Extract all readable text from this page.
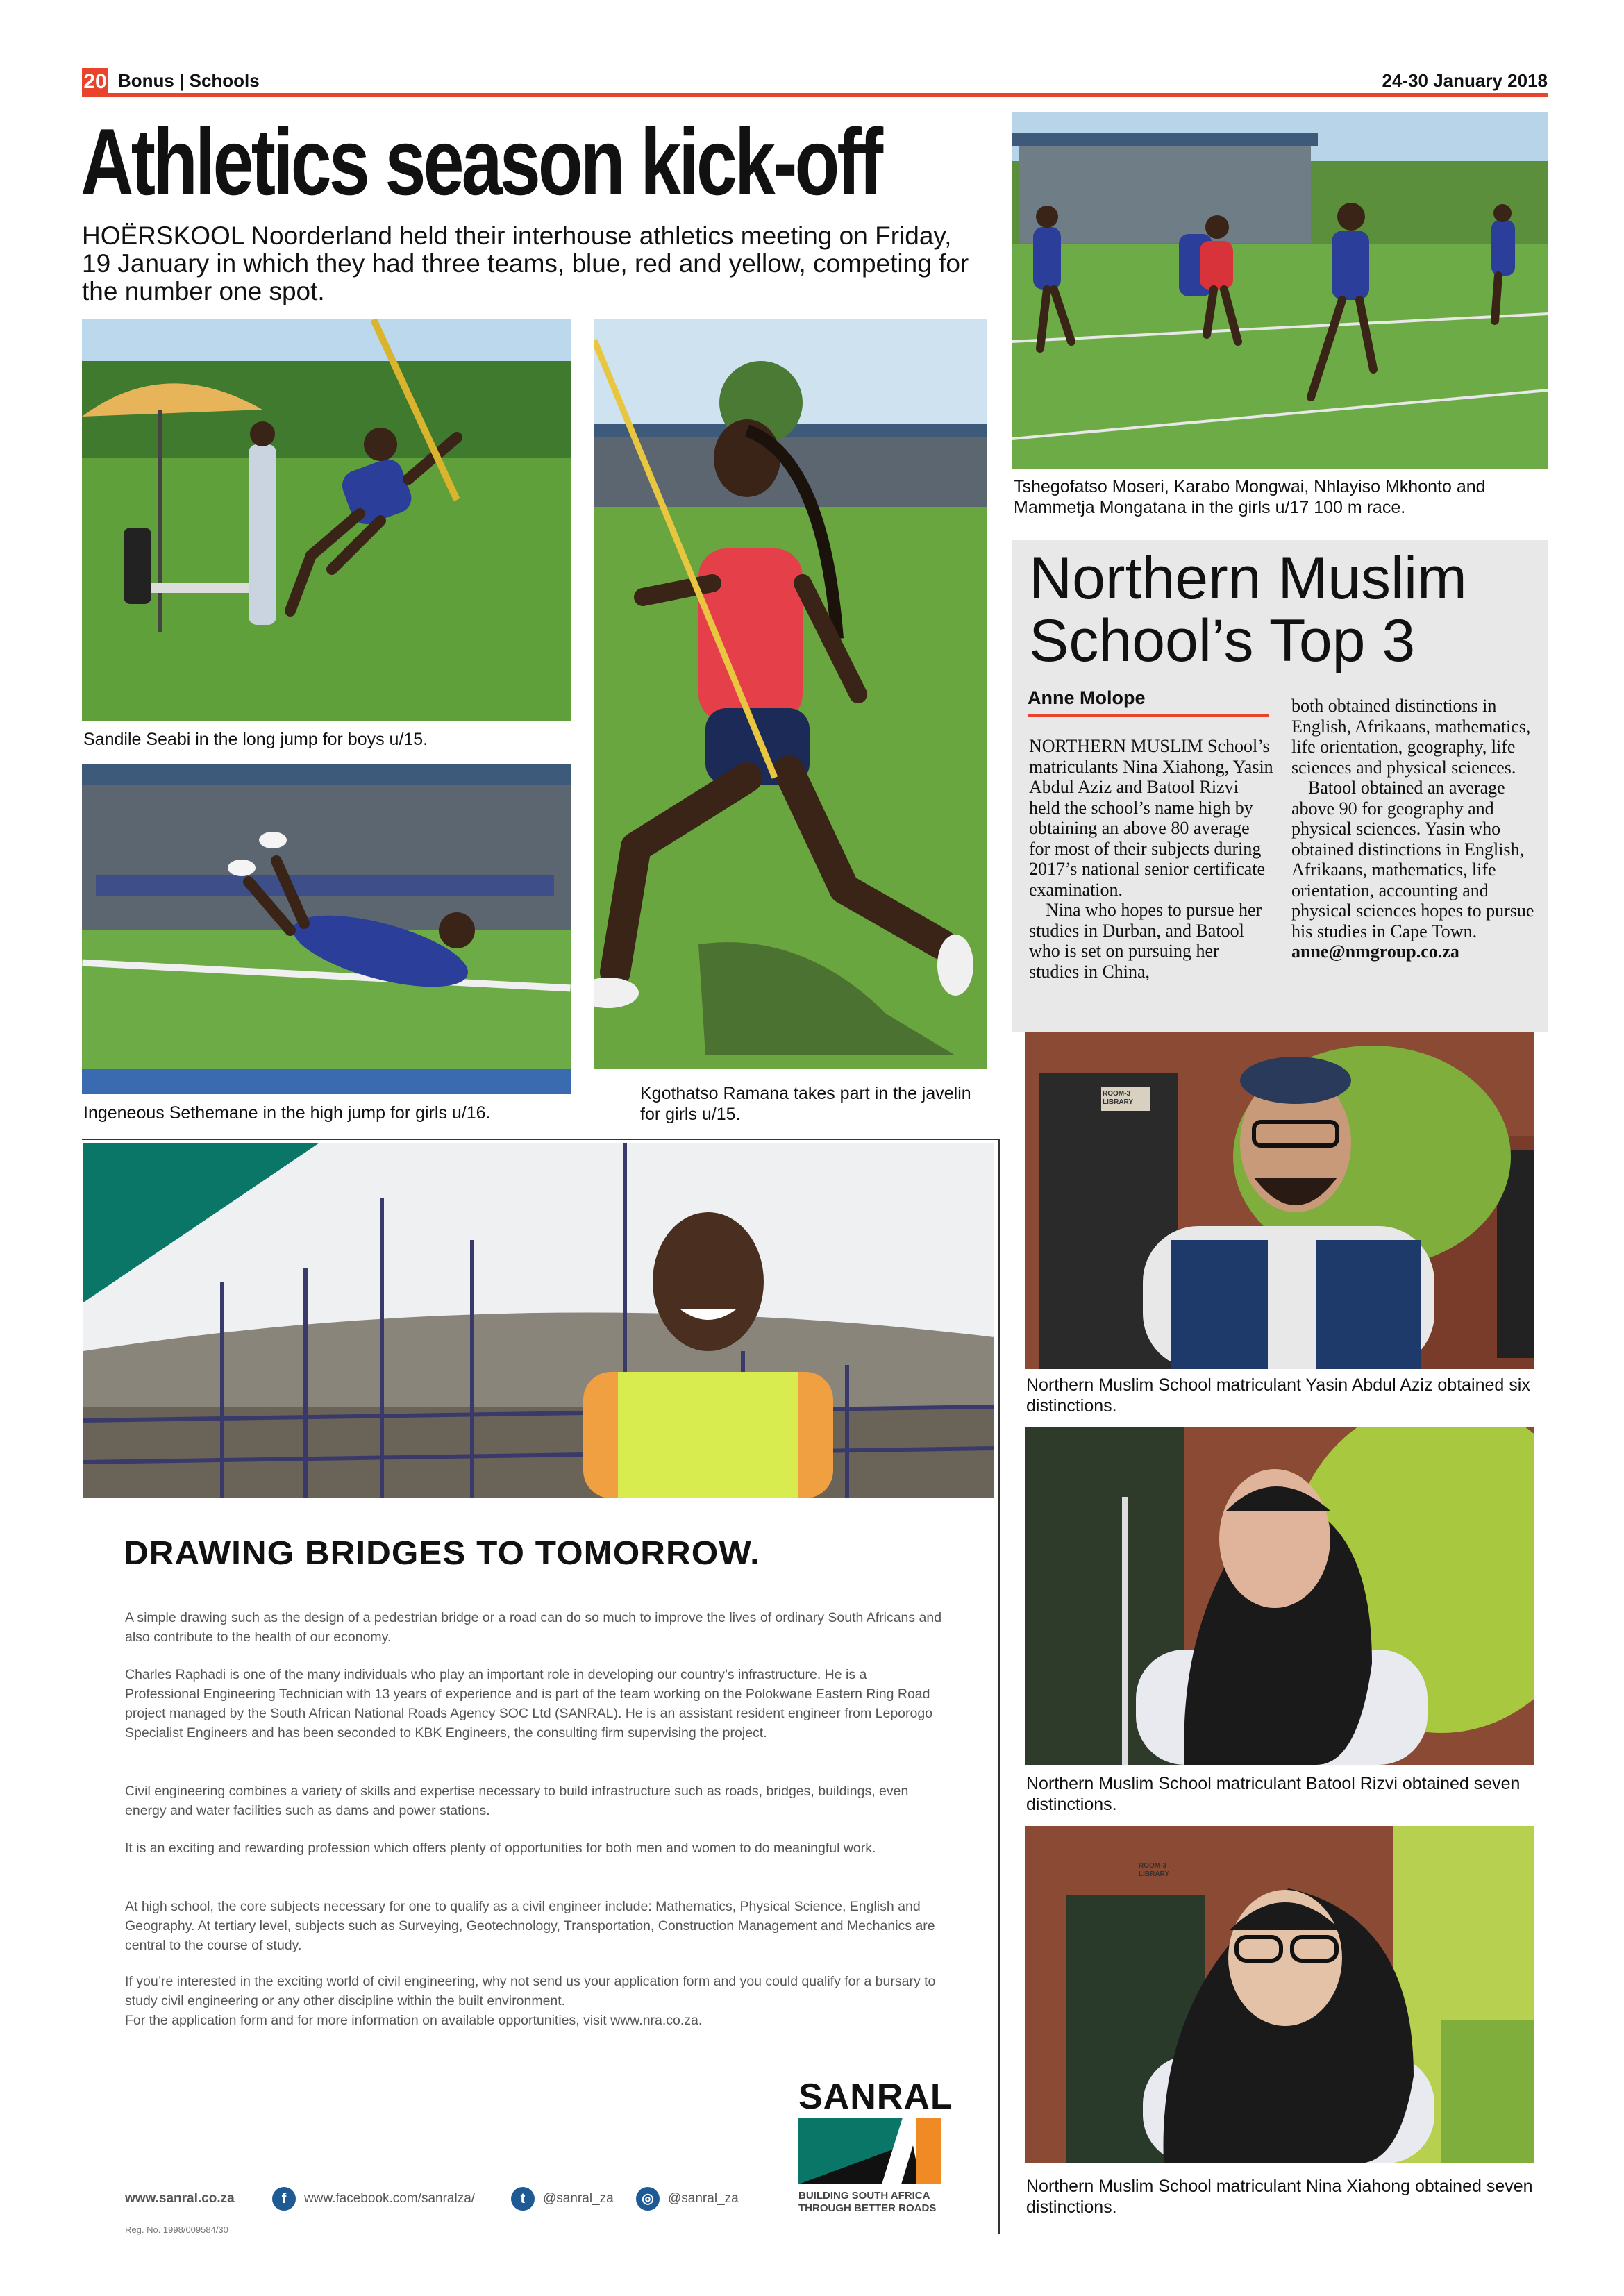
20 Bonus | Schools	24-30 January 2018
Athletics season kick-off
HOËRSKOOL Noorderland held their interhouse athletics meeting on Friday, 19 January in which they had three teams, blue, red and yellow, competing for the number one spot.
Tshegofatso Moseri, Karabo Mongwai, Nhlayiso Mkhonto and Mammetja Mongatana in the girls u/17 100 m race.
Sandile Seabi in the long jump for boys u/15.
Ingeneous Sethemane in the high jump for girls u/16.
Kgothatso Ramana takes part in the javelin for girls u/15.
Northern Muslim School’s Top 3
Anne Molope

NORTHERN MUSLIM School’s matriculants Nina Xiahong, Yasin Abdul Aziz and Batool Rizvi held the school’s name high by obtaining an above 80 average for most of their subjects during 2017’s national senior certificate examination.

Nina who hopes to pursue her studies in Durban, and Batool who is set on pursuing her studies in China,

both obtained distinctions in English, Afrikaans, mathematics, life orientation, geography, life sciences and physical sciences.

Batool obtained an average above 90 for geography and physical sciences. Yasin who obtained distinctions in English, Afrikaans, mathematics, life orientation, accounting and physical sciences hopes to pursue his studies in Cape Town.

anne@nmgroup.co.za

ROOM-3 LIBRARY
Northern Muslim School matriculant Yasin Abdul Aziz obtained six distinctions.
Northern Muslim School matriculant Batool Rizvi obtained seven distinctions.
ROOM-3 LIBRARY
Northern Muslim School matriculant Nina Xiahong obtained seven distinctions.
DRAWING BRIDGES TO TOMORROW.

A simple drawing such as the design of a pedestrian bridge or a road can do so much to improve the lives of ordinary South Africans and also contribute to the health of our economy.

Charles Raphadi is one of the many individuals who play an important role in developing our country’s infrastructure. He is a Professional Engineering Technician with 13 years of experience and is part of the team working on the Polokwane Eastern Ring Road project managed by the South African National Roads Agency SOC Ltd (SANRAL). He is an assistant resident engineer from Leporogo Specialist Engineers and has been seconded to KBK Engineers, the consulting firm supervising the project.

Civil engineering combines a variety of skills and expertise necessary to build infrastructure such as roads, bridges, buildings, even energy and water facilities such as dams and power stations.

It is an exciting and rewarding profession which offers plenty of opportunities for both men and women to do meaningful work.

At high school, the core subjects necessary for one to qualify as a civil engineer include: Mathematics, Physical Science, English and Geography. At tertiary level, subjects such as Surveying, Geotechnology, Transportation, Construction Management and Mechanics are central to the course of study.

If you’re interested in the exciting world of civil engineering, why not send us your application form and you could qualify for a bursary to study civil engineering or any other discipline within the built environment.

For the application form and for more information on available opportunities, visit www.nra.co.za.

SANRAL
BUILDING SOUTH AFRICA THROUGH BETTER ROADS
www.sanral.co.za	f	www.facebook.com/sanralza/	t	@sanral_za	◎	@sanral_za
Reg. No. 1998/009584/30
